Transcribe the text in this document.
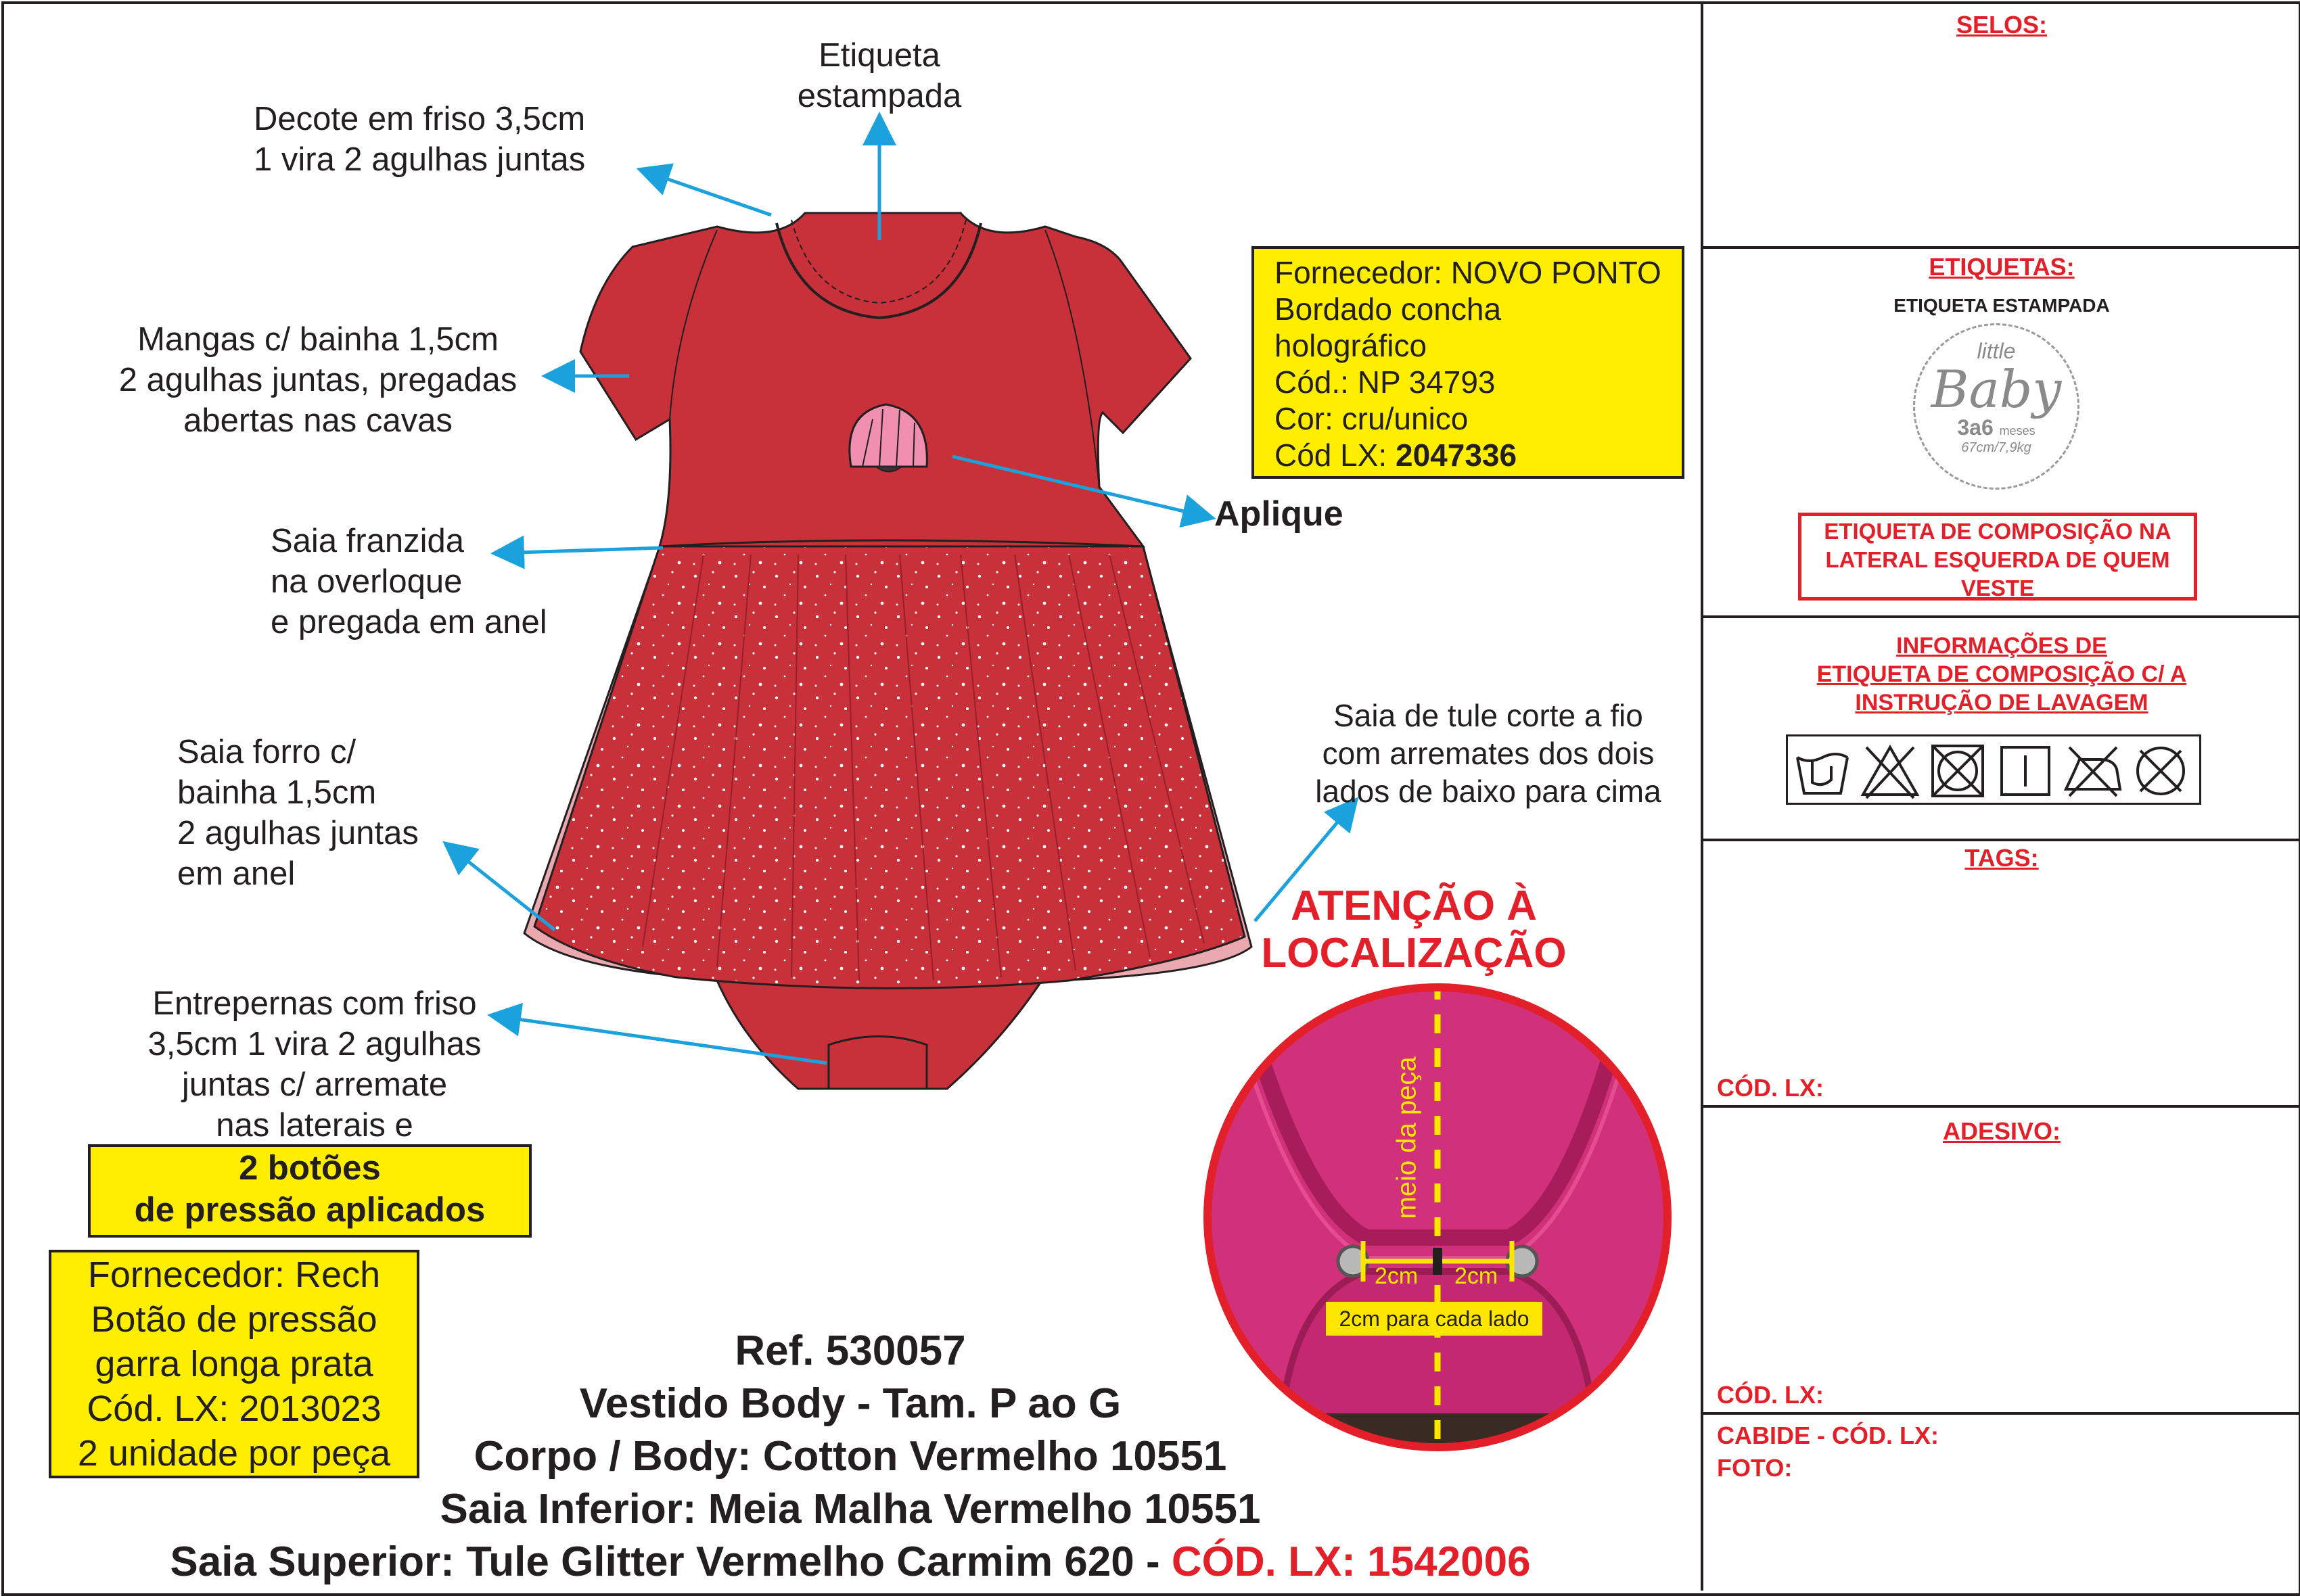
Etiqueta
estampada
Decote em friso 3,5cm
1 vira 2 agulhas juntas
Mangas c/ bainha 1,5cm
2 agulhas juntas, pregadas
abertas nas cavas
Saia franzida
na overloque
e pregada em anel
Saia forro c/
bainha 1,5cm
2 agulhas juntas
em anel
Entrepernas com friso
3,5cm 1 vira 2 agulhas
juntas c/ arremate
nas laterais e
Saia de tule corte a fio
com arremates dos dois
lados de baixo para cima
Aplique
2 botões
de pressão aplicados
Fornecedor: Rech
Botão de pressão
garra longa prata
Cód. LX: 2013023
2 unidade por peça
Fornecedor: NOVO PONTO
Bordado concha
holográfico
Cód.: NP 34793
Cor: cru/unico
Cód LX: 2047336
ATENÇÃO À
LOCALIZAÇÃO
meio da peça
2cm 2cm
2cm para cada lado
Ref. 530057
Vestido Body - Tam. P ao G
Corpo / Body: Cotton Vermelho 10551
Saia Inferior: Meia Malha Vermelho 10551
Saia Superior: Tule Glitter Vermelho Carmim 620 - CÓD. LX: 1542006
SELOS:
ETIQUETAS:
ETIQUETA ESTAMPADA
little
Baby
3a6 meses
67cm/7,9kg
ETIQUETA DE COMPOSIÇÃO NA
LATERAL ESQUERDA DE QUEM
VESTE
INFORMAÇÕES DE
ETIQUETA DE COMPOSIÇÃO C/ A
INSTRUÇÃO DE LAVAGEM
TAGS:
CÓD. LX:
ADESIVO:
CÓD. LX:
CABIDE - CÓD. LX:
FOTO:
